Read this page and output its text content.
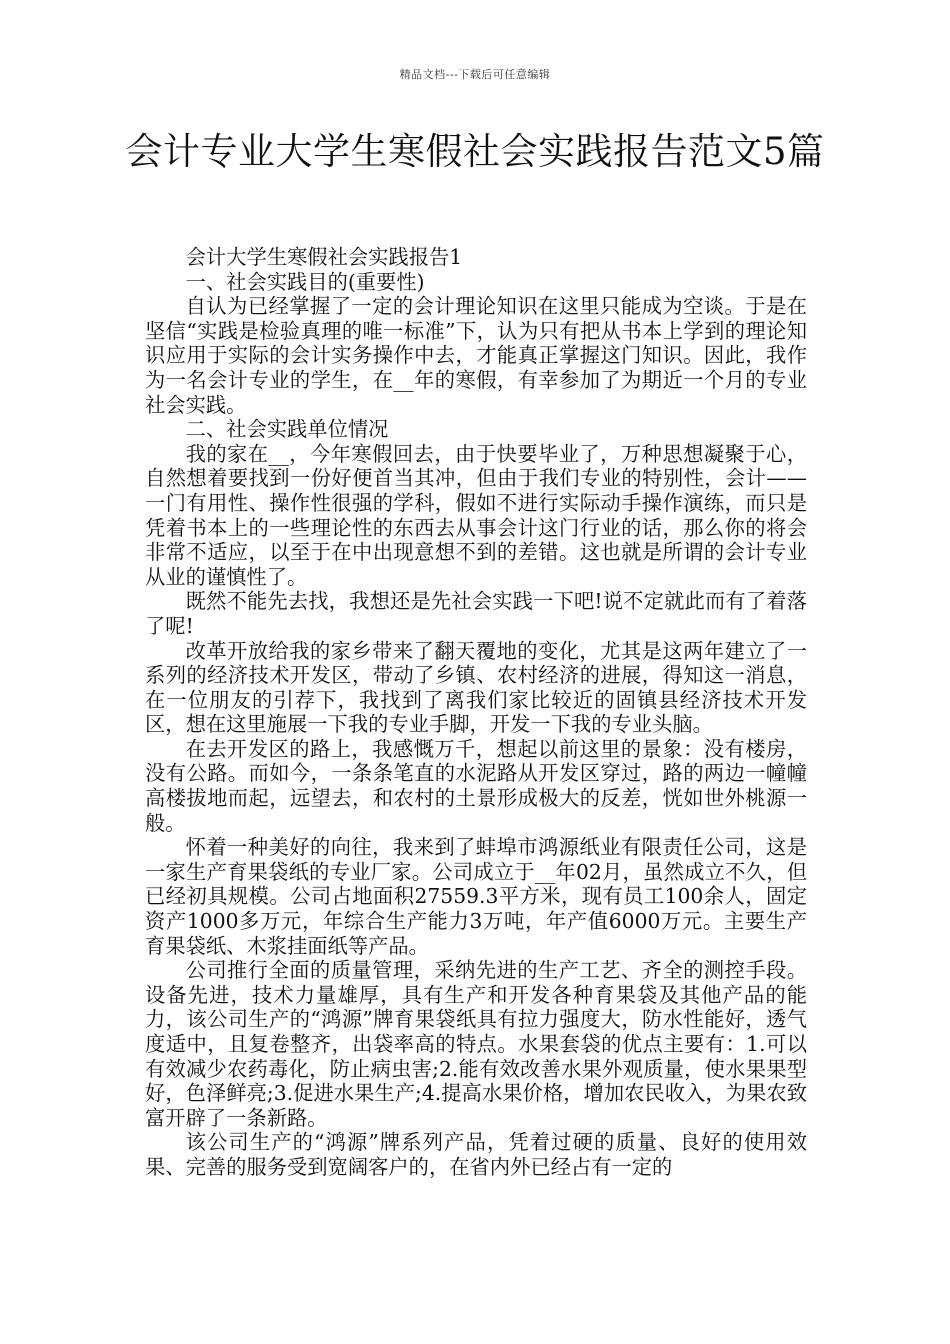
精品文档---下载后可任意编辑
会计专业大学生寒假社会实践报告范文5篇

会计大学生寒假社会实践报告1

一、社会实践目的(重要性)

自认为已经掌握了一定的会计理论知识在这里只能成为空谈。于是在坚信“实践是检验真理的唯一标准”下，认为只有把从书本上学到的理论知识应用于实际的会计实务操作中去，才能真正掌握这门知识。因此，我作为一名会计专业的学生，在__年的寒假，有幸参加了为期近一个月的专业社会实践。

二、社会实践单位情况

我的家在__，今年寒假回去，由于快要毕业了，万种思想凝聚于心，自然想着要找到一份好便首当其冲，但由于我们专业的特别性，会计——一门有用性、操作性很强的学科，假如不进行实际动手操作演练，而只是凭着书本上的一些理论性的东西去从事会计这门行业的话，那么你的将会非常不适应，以至于在中出现意想不到的差错。这也就是所谓的会计专业从业的谨慎性了。

既然不能先去找，我想还是先社会实践一下吧!说不定就此而有了着落了呢!

改革开放给我的家乡带来了翻天覆地的变化，尤其是这两年建立了一系列的经济技术开发区，带动了乡镇、农村经济的进展，得知这一消息，在一位朋友的引荐下，我找到了离我们家比较近的固镇县经济技术开发区，想在这里施展一下我的专业手脚，开发一下我的专业头脑。

在去开发区的路上，我感慨万千，想起以前这里的景象：没有楼房，没有公路。而如今，一条条笔直的水泥路从开发区穿过，路的两边一幢幢高楼拔地而起，远望去，和农村的土景形成极大的反差，恍如世外桃源一般。

怀着一种美好的向往，我来到了蚌埠市鸿源纸业有限责任公司，这是一家生产育果袋纸的专业厂家。公司成立于__年02月，虽然成立不久，但已经初具规模。公司占地面积27559.3平方米，现有员工100余人，固定资产1000多万元，年综合生产能力3万吨，年产值6000万元。主要生产育果袋纸、木浆挂面纸等产品。

公司推行全面的质量管理，采纳先进的生产工艺、齐全的测控手段。设备先进，技术力量雄厚，具有生产和开发各种育果袋及其他产品的能力，该公司生产的“鸿源”牌育果袋纸具有拉力强度大，防水性能好，透气度适中，且复卷整齐，出袋率高的特点。水果套袋的优点主要有：1.可以有效减少农药毒化，防止病虫害;2.能有效改善水果外观质量，使水果果型好，色泽鲜亮;3.促进水果生产;4.提高水果价格，增加农民收入，为果农致富开辟了一条新路。

该公司生产的“鸿源”牌系列产品，凭着过硬的质量、良好的使用效果、完善的服务受到宽阔客户的，在省内外已经占有一定的
